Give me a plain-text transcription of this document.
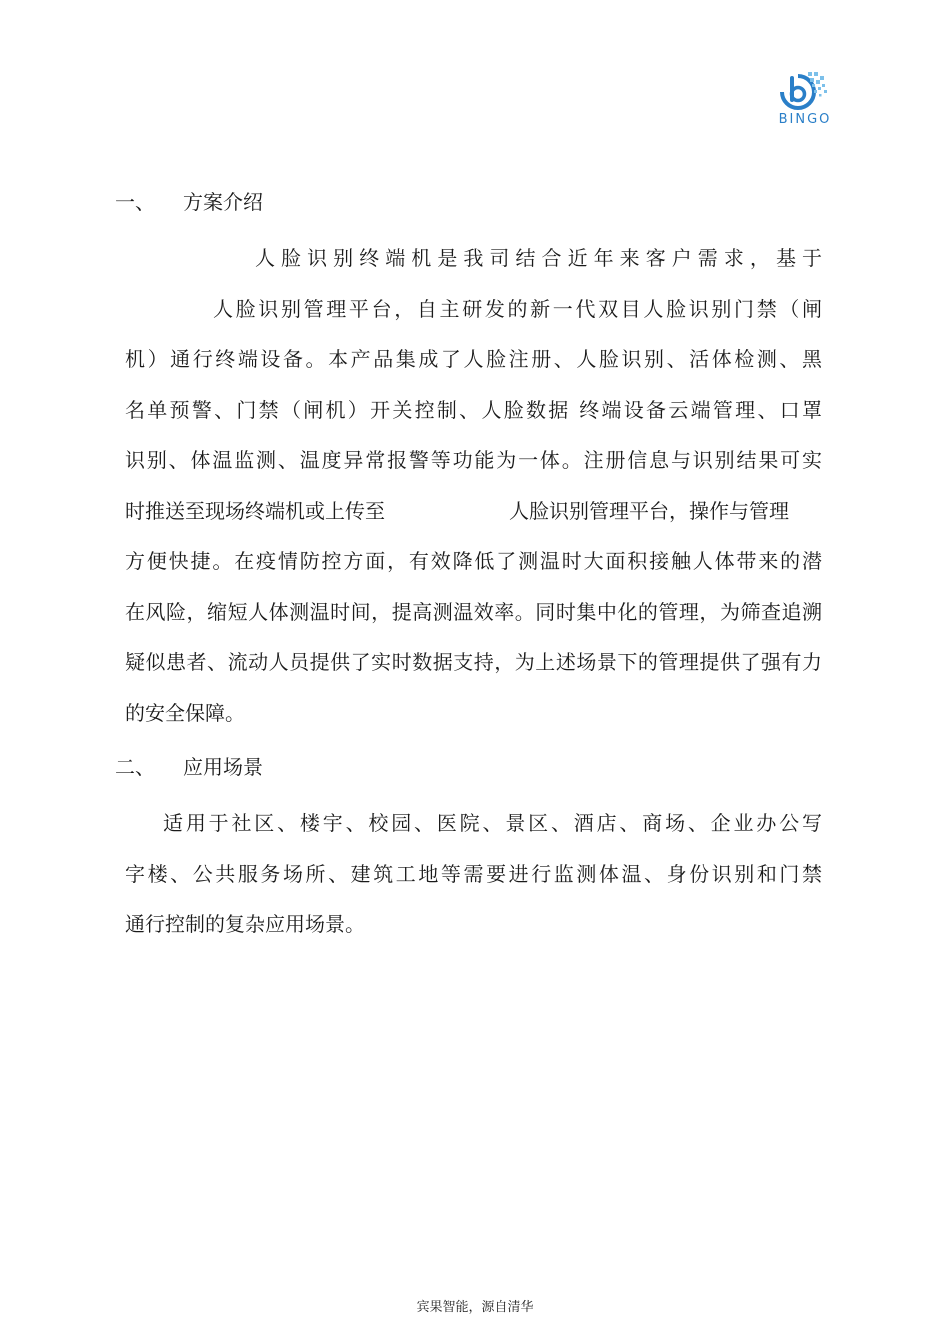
BINGO
一、 方案介绍
人脸识别终端机是我司结合近年来客户需求，基于
人脸识别管理平台，自主研发的新一代双目人脸识别门禁（闸
机）通行终端设备。本产品集成了人脸注册、人脸识别、活体检测、黑
名单预警、门禁（闸机）开关控制、人脸数据 终端设备云端管理、口罩
识别、体温监测、温度异常报警等功能为一体。注册信息与识别结果可实
时推送至现场终端机或上传至	人脸识别管理平台，操作与管理
方便快捷。在疫情防控方面，有效降低了测温时大面积接触人体带来的潜
在风险，缩短人体测温时间，提高测温效率。同时集中化的管理，为筛查追溯
疑似患者、流动人员提供了实时数据支持，为上述场景下的管理提供了强有力
的安全保障。
二、 应用场景
适用于社区、楼宇、校园、医院、景区、酒店、商场、企业办公写
字楼、公共服务场所、建筑工地等需要进行监测体温、身份识别和门禁
通行控制的复杂应用场景。
宾果智能，源自清华
